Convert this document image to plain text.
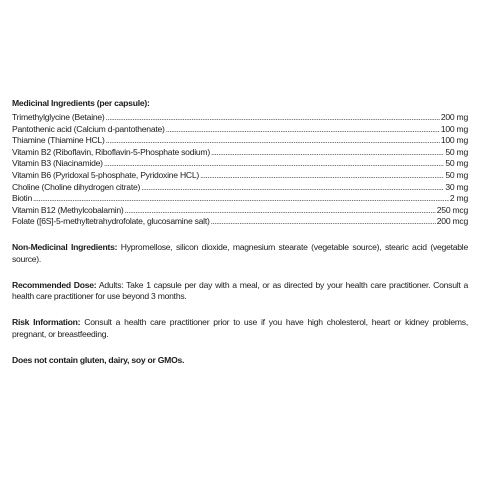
Medicinal Ingredients (per capsule):
Trimethylglycine (Betaine) .....	200 mg
Pantothenic acid (Calcium d-pantothenate) .....	100 mg
Thiamine (Thiamine HCL) .....	100 mg
Vitamin B2 (Riboflavin, Riboflavin-5-Phosphate sodium) .....	50 mg
Vitamin B3 (Niacinamide) .....	50 mg
Vitamin B6 (Pyridoxal 5-phosphate, Pyridoxine HCL) .....	50 mg
Choline (Choline dihydrogen citrate) .....	30 mg
Biotin .....	2 mg
Vitamin B12 (Methylcobalamin) .....	250 mcg
Folate ([6S]-5-methyltetrahydrofolate, glucosamine salt) .....	200 mcg
Non-Medicinal Ingredients: Hypromellose, silicon dioxide, magnesium stearate (vegetable source), stearic acid (vegetable source).
Recommended Dose: Adults: Take 1 capsule per day with a meal, or as directed by your health care practitioner. Consult a health care practitioner for use beyond 3 months.
Risk Information: Consult a health care practitioner prior to use if you have high cholesterol, heart or kidney problems, pregnant, or breastfeeding.
Does not contain gluten, dairy, soy or GMOs.
